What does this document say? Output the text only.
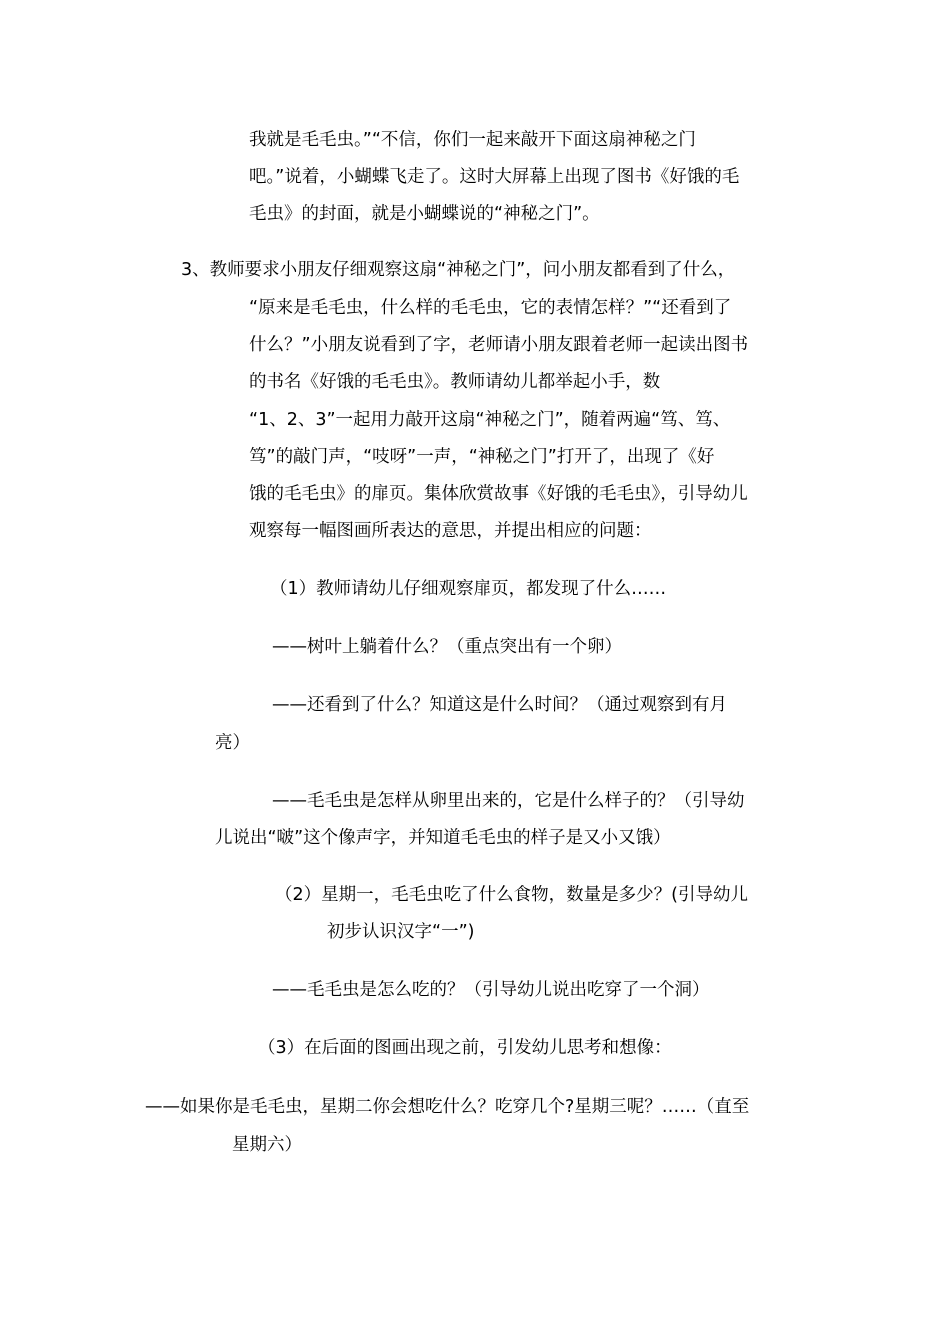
我就是毛毛虫。”“不信，你们一起来敲开下面这扇神秘之门
吧。”说着，小蝴蝶飞走了。这时大屏幕上出现了图书《好饿的毛
毛虫》的封面，就是小蝴蝶说的“神秘之门”。
3、教师要求小朋友仔细观察这扇“神秘之门”，问小朋友都看到了什么，
“原来是毛毛虫，什么样的毛毛虫，它的表情怎样？”“还看到了
什么？”小朋友说看到了字，老师请小朋友跟着老师一起读出图书
的书名《好饿的毛毛虫》。教师请幼儿都举起小手，数
“1、2、3”一起用力敲开这扇“神秘之门”，随着两遍“笃、笃、
笃”的敲门声，“吱呀”一声，“神秘之门”打开了，出现了《好
饿的毛毛虫》的扉页。集体欣赏故事《好饿的毛毛虫》，引导幼儿
观察每一幅图画所表达的意思，并提出相应的问题：
（1）教师请幼儿仔细观察扉页，都发现了什么……
——树叶上躺着什么？（重点突出有一个卵）
——还看到了什么？知道这是什么时间？（通过观察到有月
亮）
——毛毛虫是怎样从卵里出来的，它是什么样子的？（引导幼
儿说出“啵”这个像声字，并知道毛毛虫的样子是又小又饿）
（2）星期一，毛毛虫吃了什么食物，数量是多少？(引导幼儿
初步认识汉字“一”)
——毛毛虫是怎么吃的？（引导幼儿说出吃穿了一个洞）
（3）在后面的图画出现之前，引发幼儿思考和想像：
——如果你是毛毛虫，星期二你会想吃什么？吃穿几个?星期三呢？……（直至
星期六）
